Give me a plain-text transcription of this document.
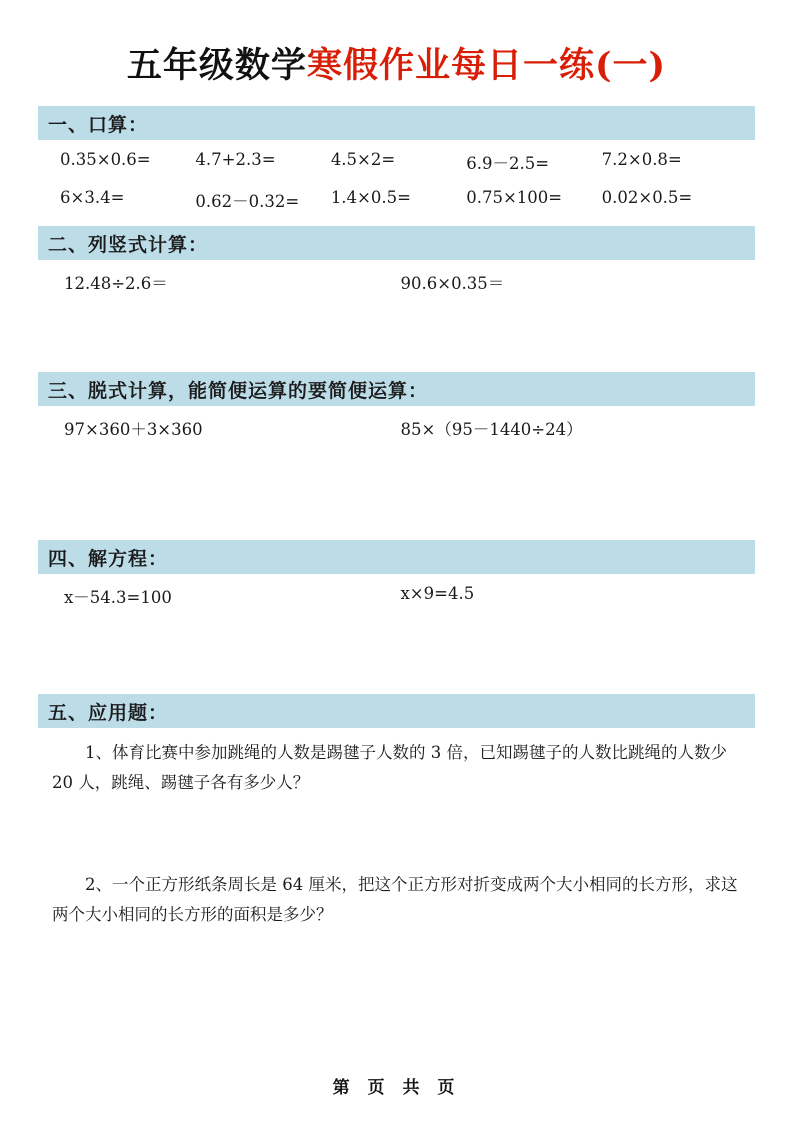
五年级数学寒假作业每日一练(一)
一、口算：
0.35×0.6=	4.7+2.3=	4.5×2=	6.9－2.5=	7.2×0.8=
6×3.4=	0.62－0.32=	1.4×0.5=	0.75×100=	0.02×0.5=
二、列竖式计算：
12.48÷2.6＝	90.6×0.35＝
三、脱式计算，能简便运算的要简便运算：
97×360＋3×360	85×（95－1440÷24）
四、解方程：
x－54.3=100	x×9=4.5
五、应用题：
1、体育比赛中参加跳绳的人数是踢毽子人数的 3 倍，已知踢毽子的人数比跳绳的人数少 20 人，跳绳、踢毽子各有多少人？
2、一个正方形纸条周长是 64 厘米，把这个正方形对折变成两个大小相同的长方形，求这两个大小相同的长方形的面积是多少？
第 页 共 页
